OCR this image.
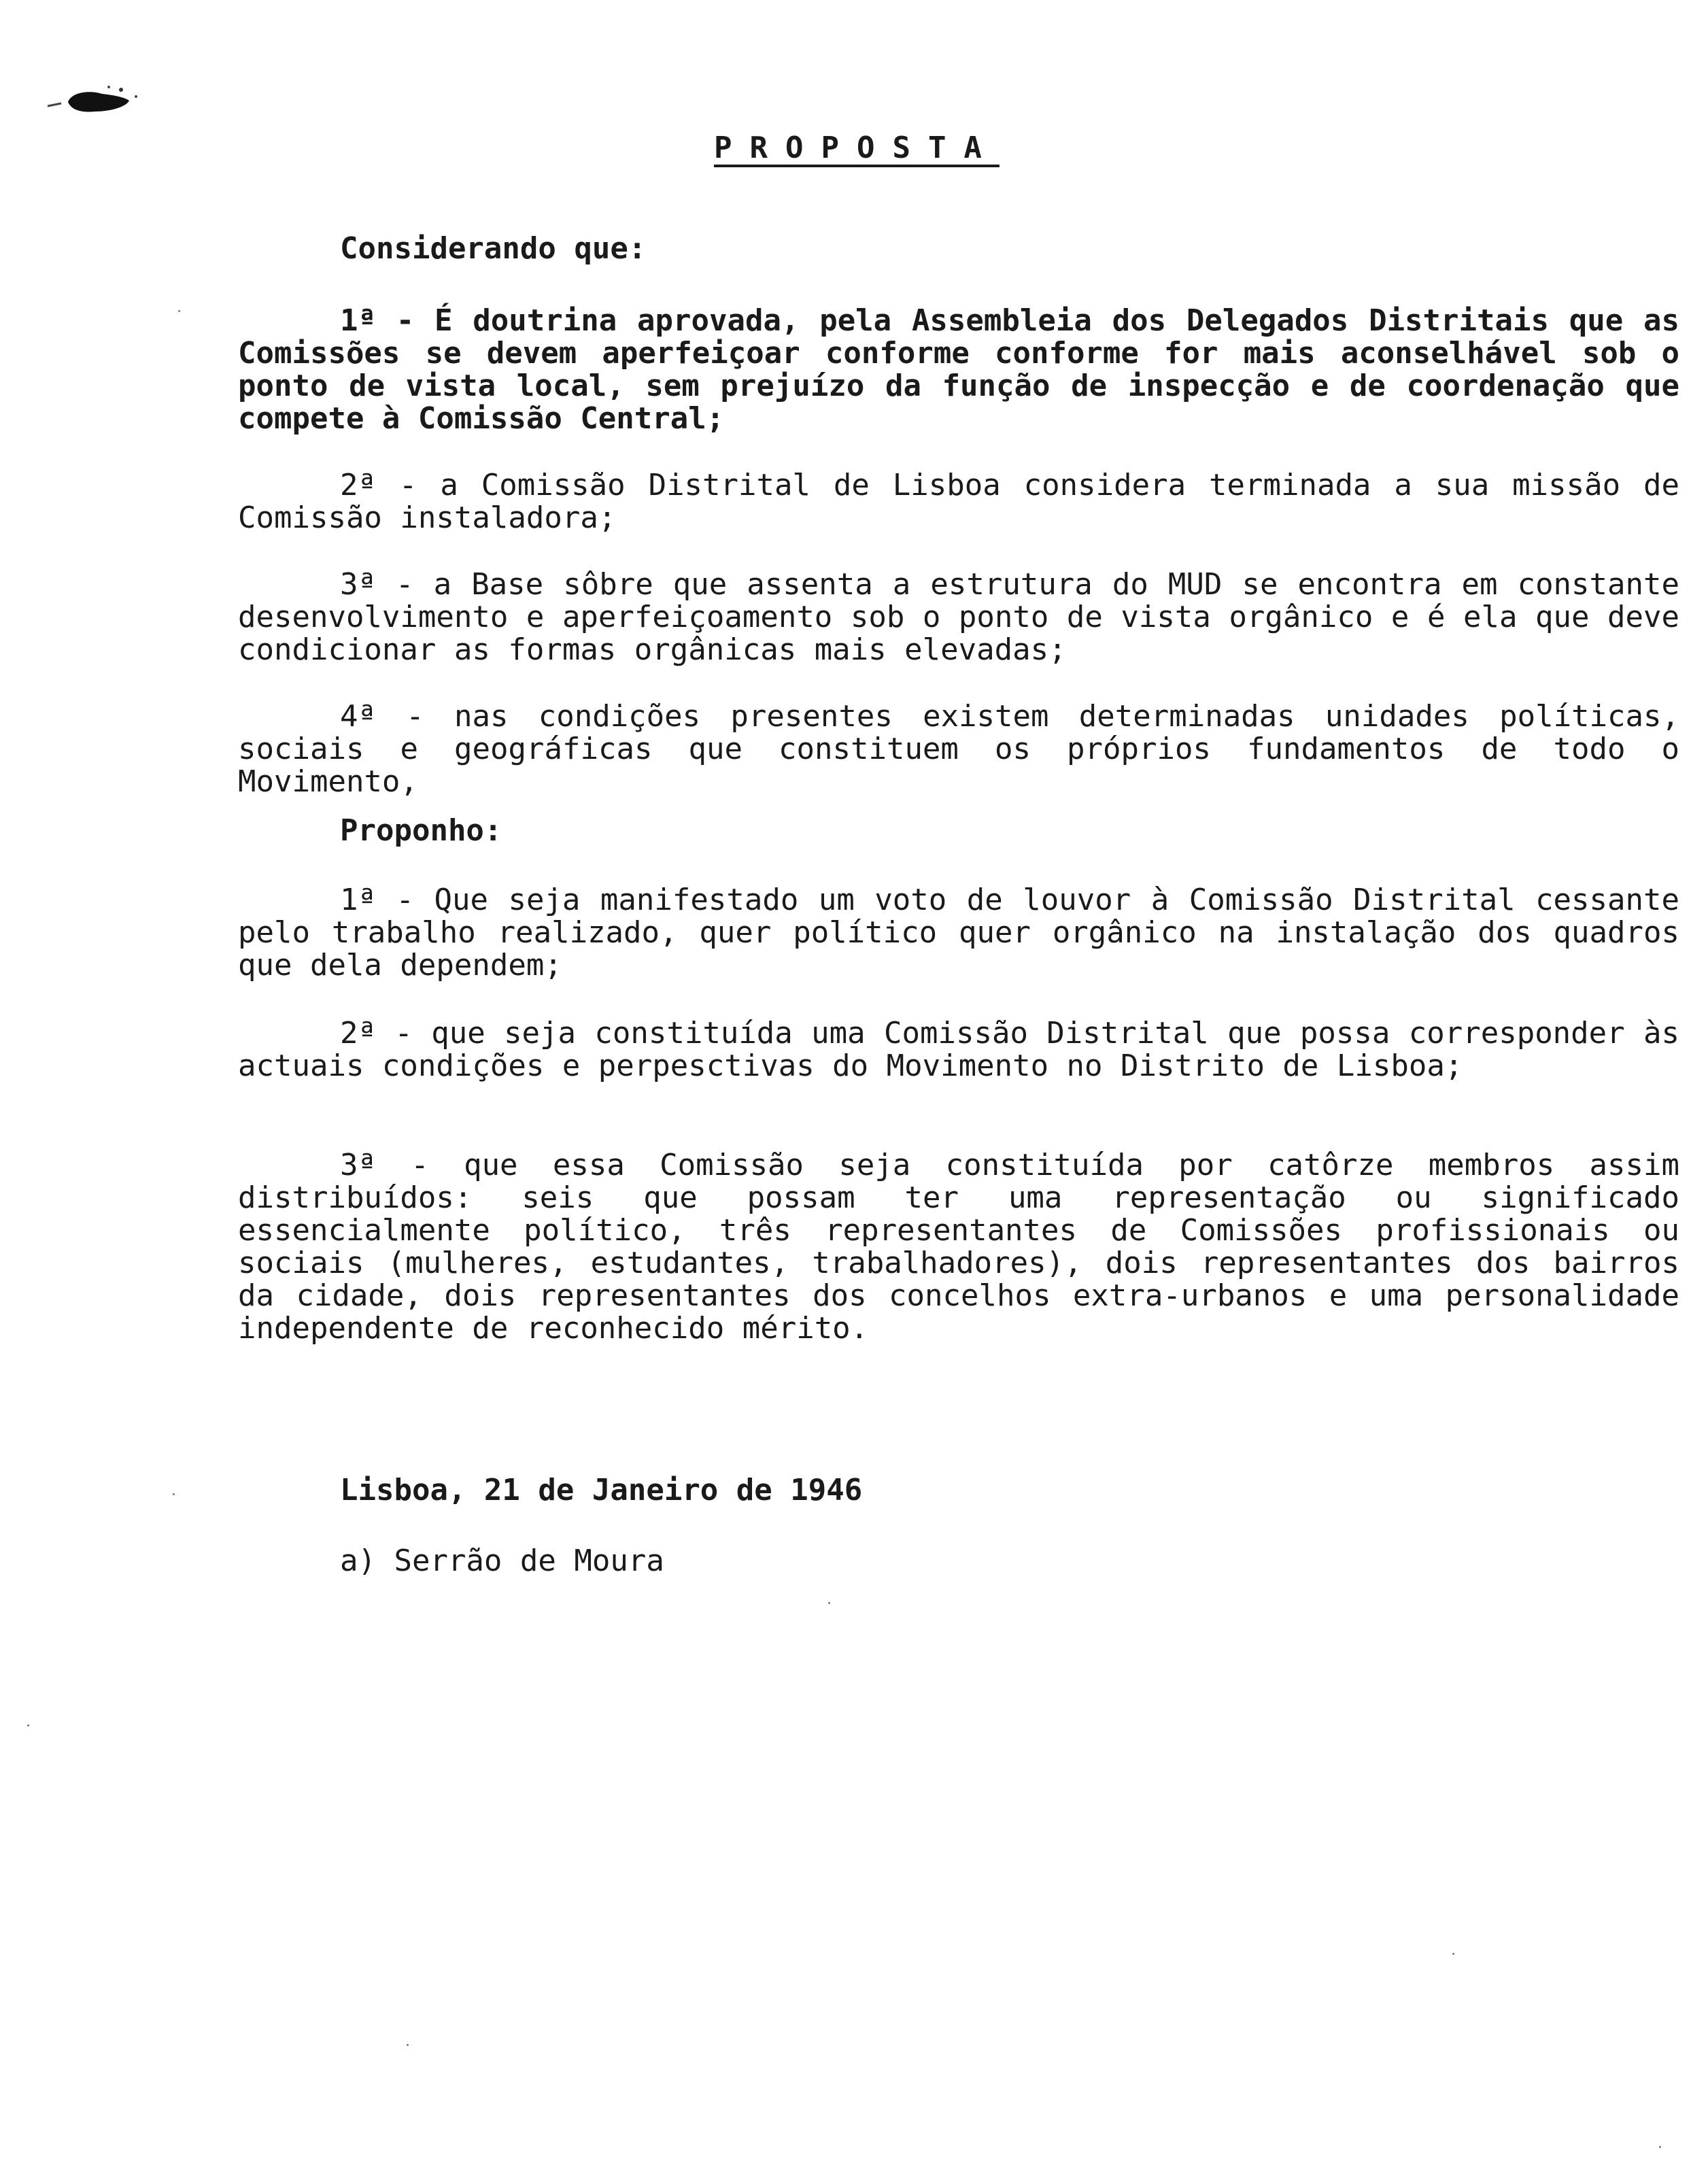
PROPOSTA
Considerando que:

1ª - É doutrina aprovada, pela Assembleia dos Delegados Distritais que as Comissões se devem aperfeiçoar conforme conforme for mais aconselhável sob o ponto de vista local, sem prejuízo da função de inspecção e de coordenação que compete à Comissão Central;

2ª - a Comissão Distrital de Lisboa considera terminada a sua missão de Comissão instaladora;

3ª - a Base sôbre que assenta a estrutura do MUD se encontra em constante desenvolvimento e aperfeiçoamento sob o ponto de vista orgânico e é ela que deve condicionar as formas orgânicas mais elevadas;

4ª - nas condições presentes existem determinadas unidades políticas, sociais e geográficas que constituem os próprios fundamentos de todo o Movimento,

Proponho:

1ª - Que seja manifestado um voto de louvor à Comissão Distrital cessante pelo trabalho realizado, quer político quer orgânico na instalação dos quadros que dela dependem;

2ª - que seja constituída uma Comissão Distrital que possa corresponder às actuais condições e perpesctivas do Movimento no Distrito de Lisboa;

3ª - que essa Comissão seja constituída por catôrze membros assim distribuídos: seis que possam ter uma representação ou significado essencialmente político, três representantes de Comissões profissionais ou sociais (mulheres, estudantes, trabalhadores), dois representantes dos bairros da cidade, dois representantes dos concelhos extra-urbanos e uma personalidade independente de reconhecido mérito.

Lisboa, 21 de Janeiro de 1946
a) Serrão de Moura
